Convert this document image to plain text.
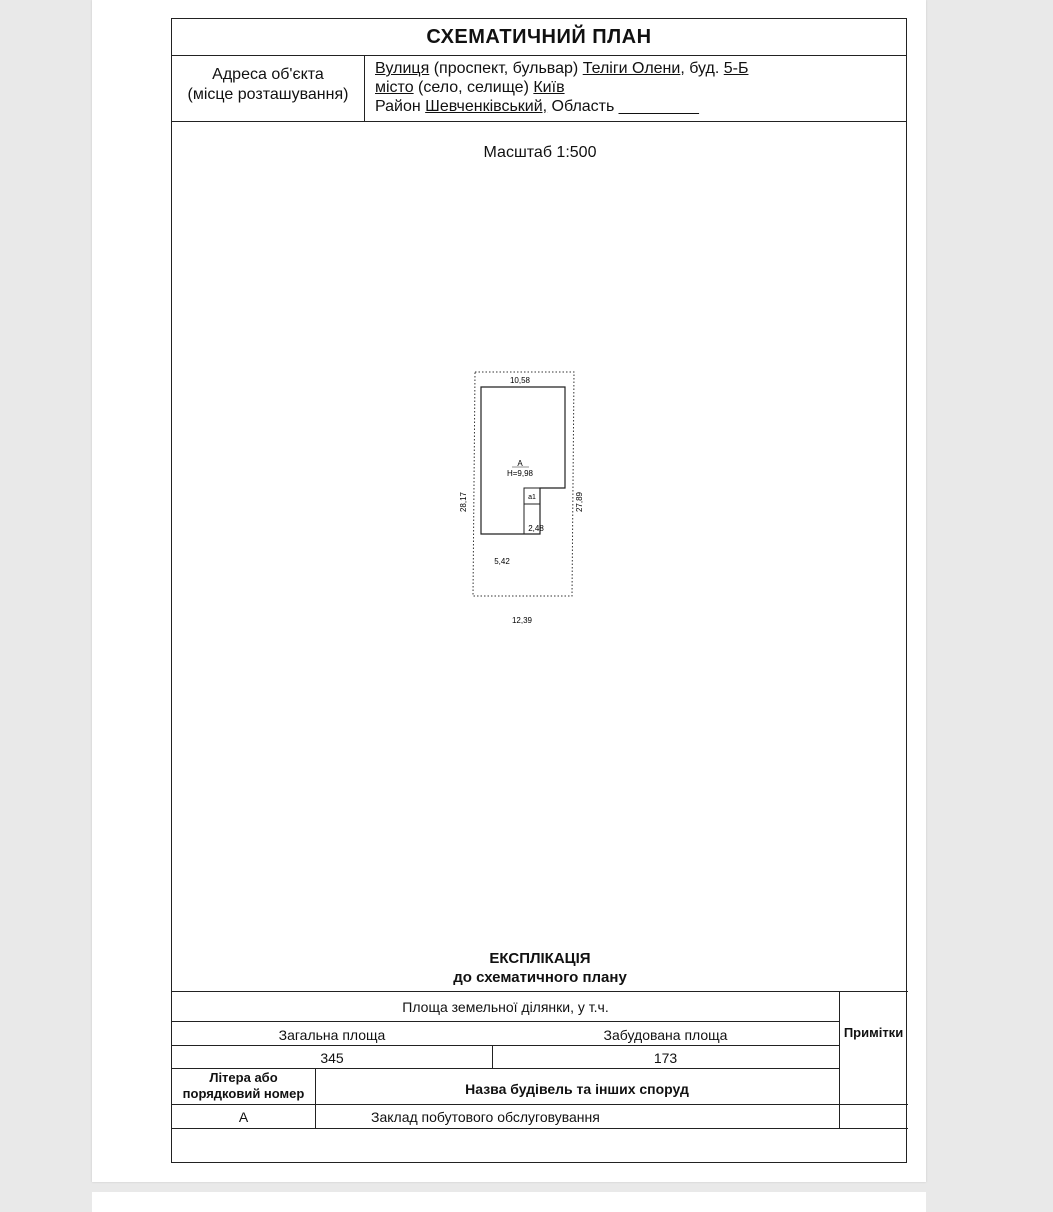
СХЕМАТИЧНИЙ ПЛАН
Адреса об'єкта
(місце розташування)
Вулиця (проспект, бульвар) Теліги Олени, буд. 5-Б
місто (село, селище) Київ
Район Шевченківський, Область _________
Масштаб 1:500
10,58
А
Н=9,98
а1
2,48
5,42
12,39
28,17	27,89
ЕКСПЛІКАЦІЯ
до схематичного плану
Площа земельної ділянки, у т.ч.
Примітки
Загальна площа	Забудована площа
345	173
Літера або
порядковий номер	Назва будівель та інших споруд
А	Заклад побутового обслуговування
